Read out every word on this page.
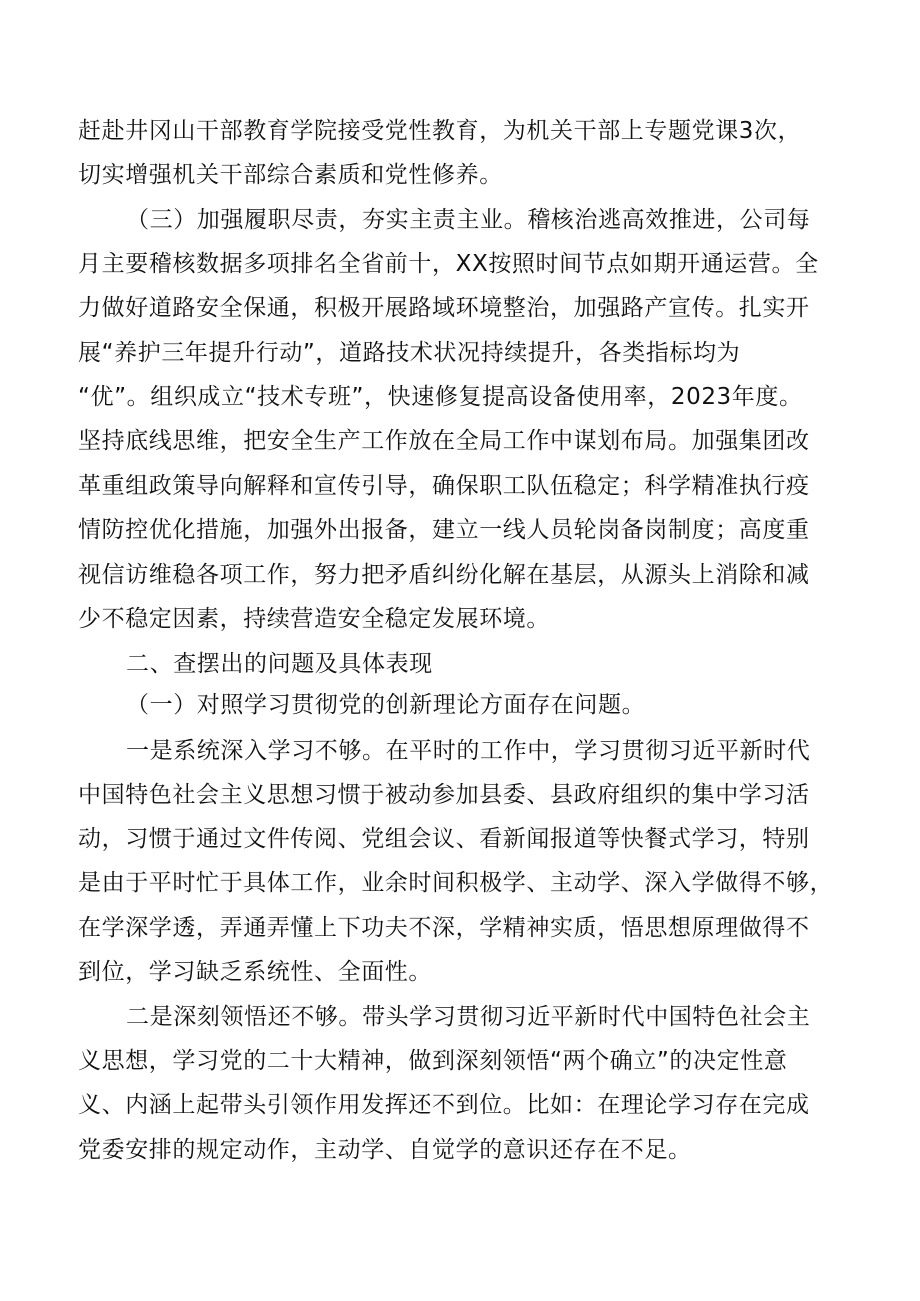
赶赴井冈山干部教育学院接受党性教育，为机关干部上专题党课3次，
切实增强机关干部综合素质和党性修养。
（三）加强履职尽责，夯实主责主业。稽核治逃高效推进，公司每
月主要稽核数据多项排名全省前十，XX按照时间节点如期开通运营。全
力做好道路安全保通，积极开展路域环境整治，加强路产宣传。扎实开
展“养护三年提升行动”，道路技术状况持续提升，各类指标均为
“优”。组织成立“技术专班”，快速修复提高设备使用率，2023年度。
坚持底线思维，把安全生产工作放在全局工作中谋划布局。加强集团改
革重组政策导向解释和宣传引导，确保职工队伍稳定；科学精准执行疫
情防控优化措施，加强外出报备，建立一线人员轮岗备岗制度；高度重
视信访维稳各项工作，努力把矛盾纠纷化解在基层，从源头上消除和减
少不稳定因素，持续营造安全稳定发展环境。
二、查摆出的问题及具体表现
（一）对照学习贯彻党的创新理论方面存在问题。
一是系统深入学习不够。在平时的工作中，学习贯彻习近平新时代
中国特色社会主义思想习惯于被动参加县委、县政府组织的集中学习活
动，习惯于通过文件传阅、党组会议、看新闻报道等快餐式学习，特别
是由于平时忙于具体工作，业余时间积极学、主动学、深入学做得不够，
在学深学透，弄通弄懂上下功夫不深，学精神实质，悟思想原理做得不
到位，学习缺乏系统性、全面性。
二是深刻领悟还不够。带头学习贯彻习近平新时代中国特色社会主
义思想，学习党的二十大精神，做到深刻领悟“两个确立”的决定性意
义、内涵上起带头引领作用发挥还不到位。比如：在理论学习存在完成
党委安排的规定动作，主动学、自觉学的意识还存在不足。
